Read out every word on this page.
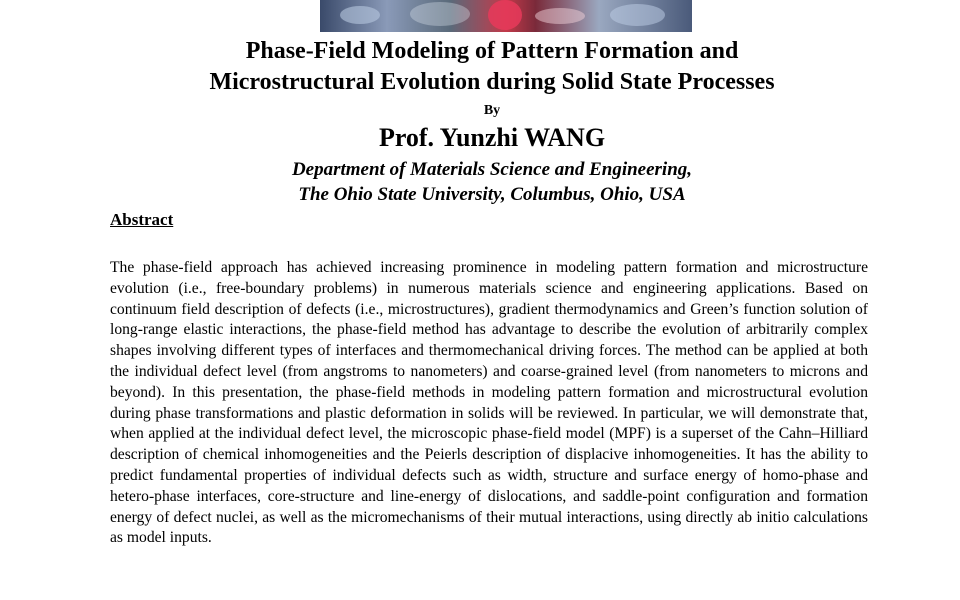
Phase-Field Modeling of Pattern Formation and
Microstructural Evolution during Solid State Processes
By
Prof. Yunzhi WANG
Department of Materials Science and Engineering,
The Ohio State University, Columbus, Ohio, USA
Abstract

The phase-field approach has achieved increasing prominence in modeling pattern formation and microstructure evolution (i.e., free-boundary problems) in numerous materials science and engineering applications. Based on continuum field description of defects (i.e., microstructures), gradient thermodynamics and Green’s function solution of long-range elastic interactions, the phase-field method has advantage to describe the evolution of arbitrarily complex shapes involving different types of interfaces and thermomechanical driving forces. The method can be applied at both the individual defect level (from angstroms to nanometers) and coarse-grained level (from nanometers to microns and beyond). In this presentation, the phase-field methods in modeling pattern formation and microstructural evolution during phase transformations and plastic deformation in solids will be reviewed. In particular, we will demonstrate that, when applied at the individual defect level, the microscopic phase-field model (MPF) is a superset of the Cahn–Hilliard description of chemical inhomogeneities and the Peierls description of displacive inhomogeneities. It has the ability to predict fundamental properties of individual defects such as width, structure and surface energy of homo-phase and hetero-phase interfaces, core-structure and line-energy of dislocations, and saddle-point configuration and formation energy of defect nuclei, as well as the micromechanisms of their mutual interactions, using directly ab initio calculations as model inputs.
